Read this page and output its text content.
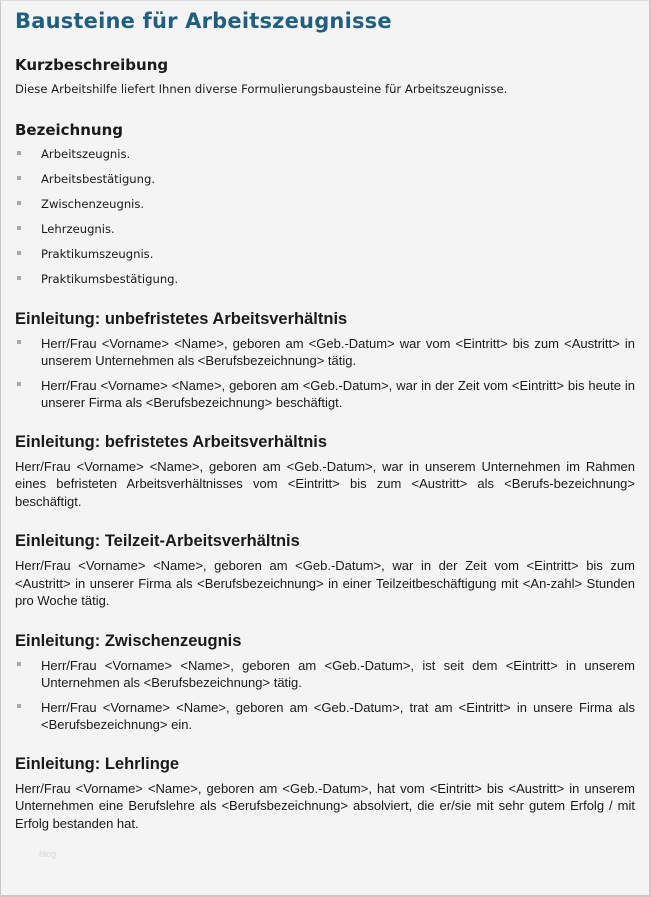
Bausteine für Arbeitszeugnisse
Kurzbeschreibung

Diese Arbeitshilfe liefert Ihnen diverse Formulierungsbausteine für Arbeitszeugnisse.

Bezeichnung
Arbeitszeugnis.
Arbeitsbestätigung.
Zwischenzeugnis.
Lehrzeugnis.
Praktikumszeugnis.
Praktikumsbestätigung.
Einleitung: unbefristetes Arbeitsverhältnis
Herr/Frau <Vorname> <Name>, geboren am <Geb.-Datum> war vom <Eintritt> bis zum <Austritt> in unserem Unternehmen als <Berufsbezeichnung> tätig.
Herr/Frau <Vorname> <Name>, geboren am <Geb.-Datum>, war in der Zeit vom <Eintritt> bis heute in unserer Firma als <Berufsbezeichnung> beschäftigt.
Einleitung: befristetes Arbeitsverhältnis

Herr/Frau <Vorname> <Name>, geboren am <Geb.-Datum>, war in unserem Unternehmen im Rahmen eines befristeten Arbeitsverhältnisses vom <Eintritt> bis zum <Austritt> als <Berufs-bezeichnung> beschäftigt.

Einleitung: Teilzeit-Arbeitsverhältnis

Herr/Frau <Vorname> <Name>, geboren am <Geb.-Datum>, war in der Zeit vom <Eintritt> bis zum <Austritt> in unserer Firma als <Berufsbezeichnung> in einer Teilzeitbeschäftigung mit <An-zahl> Stunden pro Woche tätig.

Einleitung: Zwischenzeugnis
Herr/Frau <Vorname> <Name>, geboren am <Geb.-Datum>, ist seit dem <Eintritt> in unserem Unternehmen als <Berufsbezeichnung> tätig.
Herr/Frau <Vorname> <Name>, geboren am <Geb.-Datum>, trat am <Eintritt> in unsere Firma als <Berufsbezeichnung> ein.
Einleitung: Lehrlinge

Herr/Frau <Vorname> <Name>, geboren am <Geb.-Datum>, hat vom <Eintritt> bis <Austritt> in unserem Unternehmen eine Berufslehre als <Berufsbezeichnung> absolviert, die er/sie mit sehr gutem Erfolg / mit Erfolg bestanden hat.

blog
